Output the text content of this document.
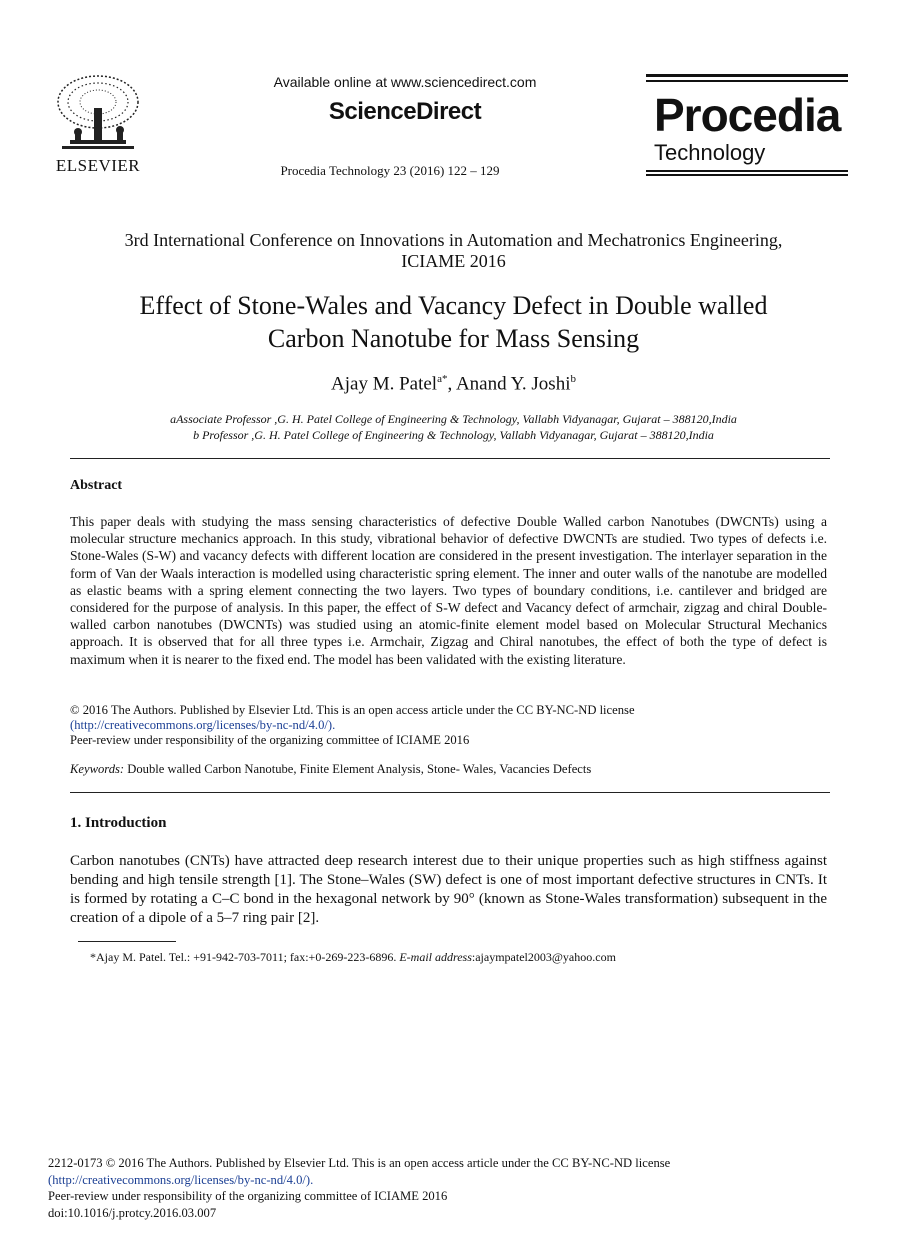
ELSEVIER
Available online at www.sciencedirect.com
ScienceDirect
Procedia Technology 23 (2016) 122 – 129
Procedia
Technology
3rd International Conference on Innovations in Automation and Mechatronics Engineering,
ICIAME 2016
Effect of Stone-Wales and Vacancy Defect in Double walled
Carbon Nanotube for Mass Sensing
Ajay M. Patel$^{a*}$, Anand Y. Joshi$^b$
aAssociate Professor ,G. H. Patel College of Engineering & Technology, Vallabh Vidyanagar, Gujarat – 388120,India
b Professor ,G. H. Patel College of Engineering & Technology, Vallabh Vidyanagar, Gujarat – 388120,India
Abstract
This paper deals with studying the mass sensing characteristics of defective Double Walled carbon Nanotubes (DWCNTs) using a molecular structure mechanics approach. In this study, vibrational behavior of defective DWCNTs are studied. Two types of defects i.e. Stone-Wales (S-W) and vacancy defects with different location are considered in the present investigation. The interlayer separation in the form of Van der Waals interaction is modelled using characteristic spring element. The inner and outer walls of the nanotube are modelled as elastic beams with a spring element connecting the two layers. Two types of boundary conditions, i.e. cantilever and bridged are considered for the purpose of analysis. In this paper, the effect of S-W defect and Vacancy defect of armchair, zigzag and chiral Double-walled carbon nanotubes (DWCNTs) was studied using an atomic-finite element model based on Molecular Structural Mechanics approach. It is observed that for all three types i.e. Armchair, Zigzag and Chiral nanotubes, the effect of both the type of defect is maximum when it is nearer to the fixed end. The model has been validated with the existing literature.
© 2016 The Authors. Published by Elsevier Ltd. This is an open access article under the CC BY-NC-ND license
(http://creativecommons.org/licenses/by-nc-nd/4.0/).
Peer-review under responsibility of the organizing committee of ICIAME 2016
Keywords: Double walled Carbon Nanotube, Finite Element Analysis, Stone- Wales, Vacancies Defects
1. Introduction
Carbon nanotubes (CNTs) have attracted deep research interest due to their unique properties such as high stiffness against bending and high tensile strength [1]. The Stone–Wales (SW) defect is one of most important defective structures in CNTs. It is formed by rotating a C–C bond in the hexagonal network by 90° (known as Stone-Wales transformation) subsequent in the creation of a dipole of a 5–7 ring pair [2].
*Ajay M. Patel. Tel.: +91-942-703-7011; fax:+0-269-223-6896. E-mail address:ajaympatel2003@yahoo.com
2212-0173 © 2016 The Authors. Published by Elsevier Ltd. This is an open access article under the CC BY-NC-ND license
(http://creativecommons.org/licenses/by-nc-nd/4.0/).
Peer-review under responsibility of the organizing committee of ICIAME 2016
doi:10.1016/j.protcy.2016.03.007
